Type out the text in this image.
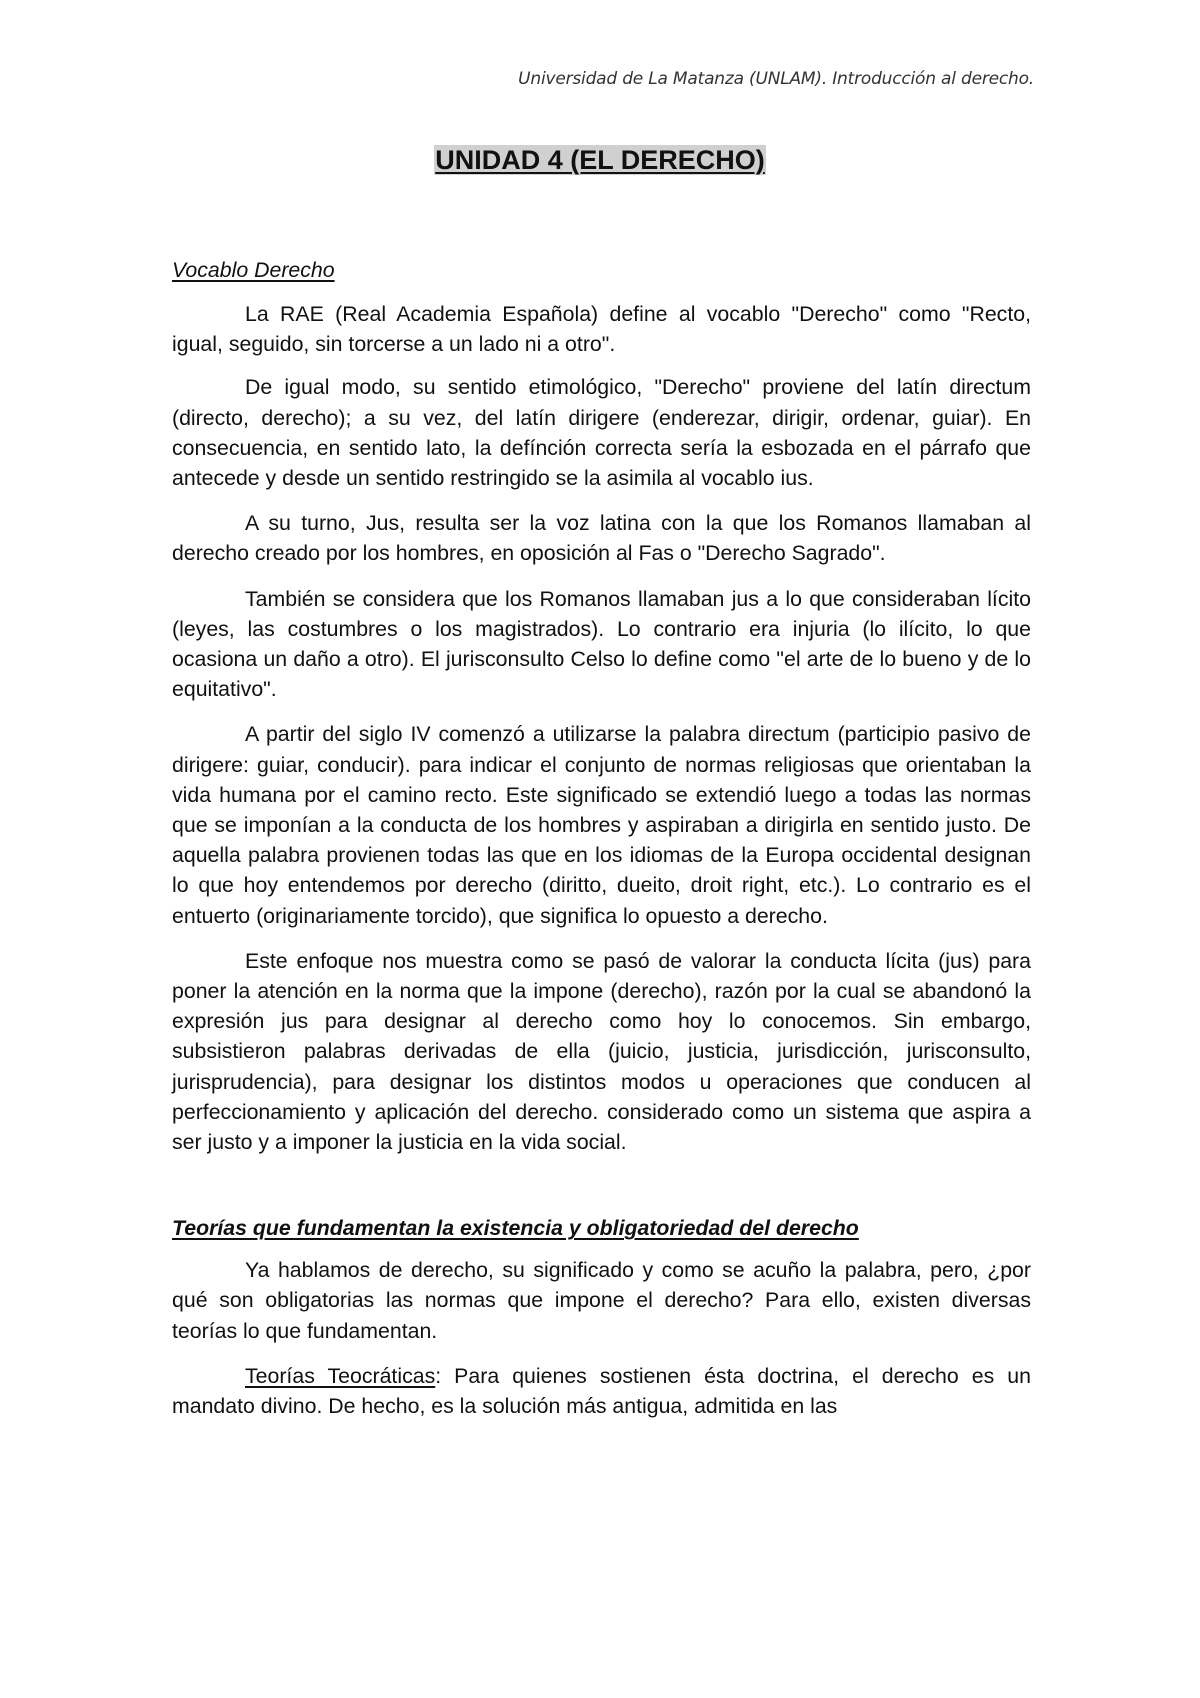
Universidad de La Matanza (UNLAM). Introducción al derecho.
UNIDAD 4 (EL DERECHO)
Vocablo Derecho

La RAE (Real Academia Española) define al vocablo "Derecho" como "Recto, igual, seguido, sin torcerse a un lado ni a otro".

De igual modo, su sentido etimológico, "Derecho" proviene del latín directum (directo, derecho); a su vez, del latín dirigere (enderezar, dirigir, ordenar, guiar). En consecuencia, en sentido lato, la defínción correcta sería la esbozada en el párrafo que antecede y desde un sentido restringido se la asimila al vocablo ius.

A su turno, Jus, resulta ser la voz latina con la que los Romanos llamaban al derecho creado por los hombres, en oposición al Fas o "Derecho Sagrado".

También se considera que los Romanos llamaban jus a lo que consideraban lícito (leyes, las costumbres o los magistrados). Lo contrario era injuria (lo ilícito, lo que ocasiona un daño a otro). El jurisconsulto Celso lo define como "el arte de lo bueno y de lo equitativo".

A partir del siglo IV comenzó a utilizarse la palabra directum (participio pasivo de dirigere: guiar, conducir). para indicar el conjunto de normas religiosas que orientaban la vida humana por el camino recto. Este significado se extendió luego a todas las normas que se imponían a la conducta de los hombres y aspiraban a dirigirla en sentido justo. De aquella palabra provienen todas las que en los idiomas de la Europa occidental designan lo que hoy entendemos por derecho (diritto, dueito, droit right, etc.). Lo contrario es el entuerto (originariamente torcido), que significa lo opuesto a derecho.

Este enfoque nos muestra como se pasó de valorar la conducta lícita (jus) para poner la atención en la norma que la impone (derecho), razón por la cual se abandonó la expresión jus para designar al derecho como hoy lo conocemos. Sin embargo, subsistieron palabras derivadas de ella (juicio, justicia, jurisdicción, jurisconsulto, jurisprudencia), para designar los distintos modos u operaciones que conducen al perfeccionamiento y aplicación del derecho. considerado como un sistema que aspira a ser justo y a imponer la justicia en la vida social.

Teorías que fundamentan la existencia y obligatoriedad del derecho

Ya hablamos de derecho, su significado y como se acuño la palabra, pero, ¿por qué son obligatorias las normas que impone el derecho? Para ello, existen diversas teorías lo que fundamentan.

Teorías Teocráticas: Para quienes sostienen ésta doctrina, el derecho es un mandato divino. De hecho, es la solución más antigua, admitida en las
